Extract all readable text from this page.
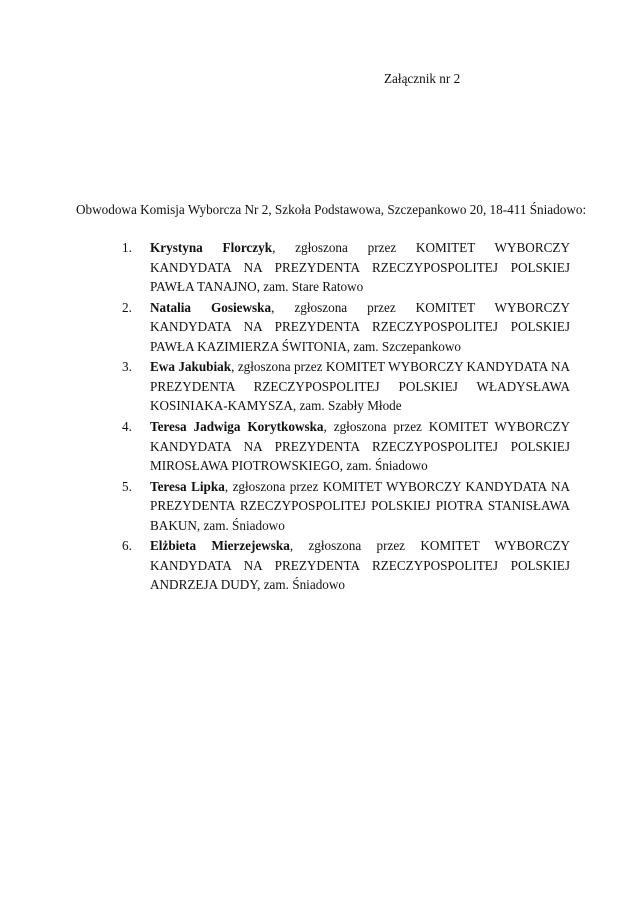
Załącznik nr 2
Obwodowa Komisja Wyborcza Nr 2, Szkoła Podstawowa, Szczepankowo 20, 18-411 Śniadowo:
1.	Krystyna Florczyk, zgłoszona przez KOMITET WYBORCZY KANDYDATA NA PREZYDENTA RZECZYPOSPOLITEJ POLSKIEJ PAWŁA TANAJNO, zam. Stare Ratowo
2.	Natalia Gosiewska, zgłoszona przez KOMITET WYBORCZY KANDYDATA NA PREZYDENTA RZECZYPOSPOLITEJ POLSKIEJ PAWŁA KAZIMIERZA ŚWITONIA, zam. Szczepankowo
3.	Ewa Jakubiak, zgłoszona przez KOMITET WYBORCZY KANDYDATA NA PREZYDENTA RZECZYPOSPOLITEJ POLSKIEJ WŁADYSŁAWA KOSINIAKA-KAMYSZA, zam. Szabły Młode
4.	Teresa Jadwiga Korytkowska, zgłoszona przez KOMITET WYBORCZY KANDYDATA NA PREZYDENTA RZECZYPOSPOLITEJ POLSKIEJ MIROSŁAWA PIOTROWSKIEGO, zam. Śniadowo
5.	Teresa Lipka, zgłoszona przez KOMITET WYBORCZY KANDYDATA NA PREZYDENTA RZECZYPOSPOLITEJ POLSKIEJ PIOTRA STANISŁAWA BAKUN, zam. Śniadowo
6.	Elżbieta Mierzejewska, zgłoszona przez KOMITET WYBORCZY KANDYDATA NA PREZYDENTA RZECZYPOSPOLITEJ POLSKIEJ ANDRZEJA DUDY, zam. Śniadowo
